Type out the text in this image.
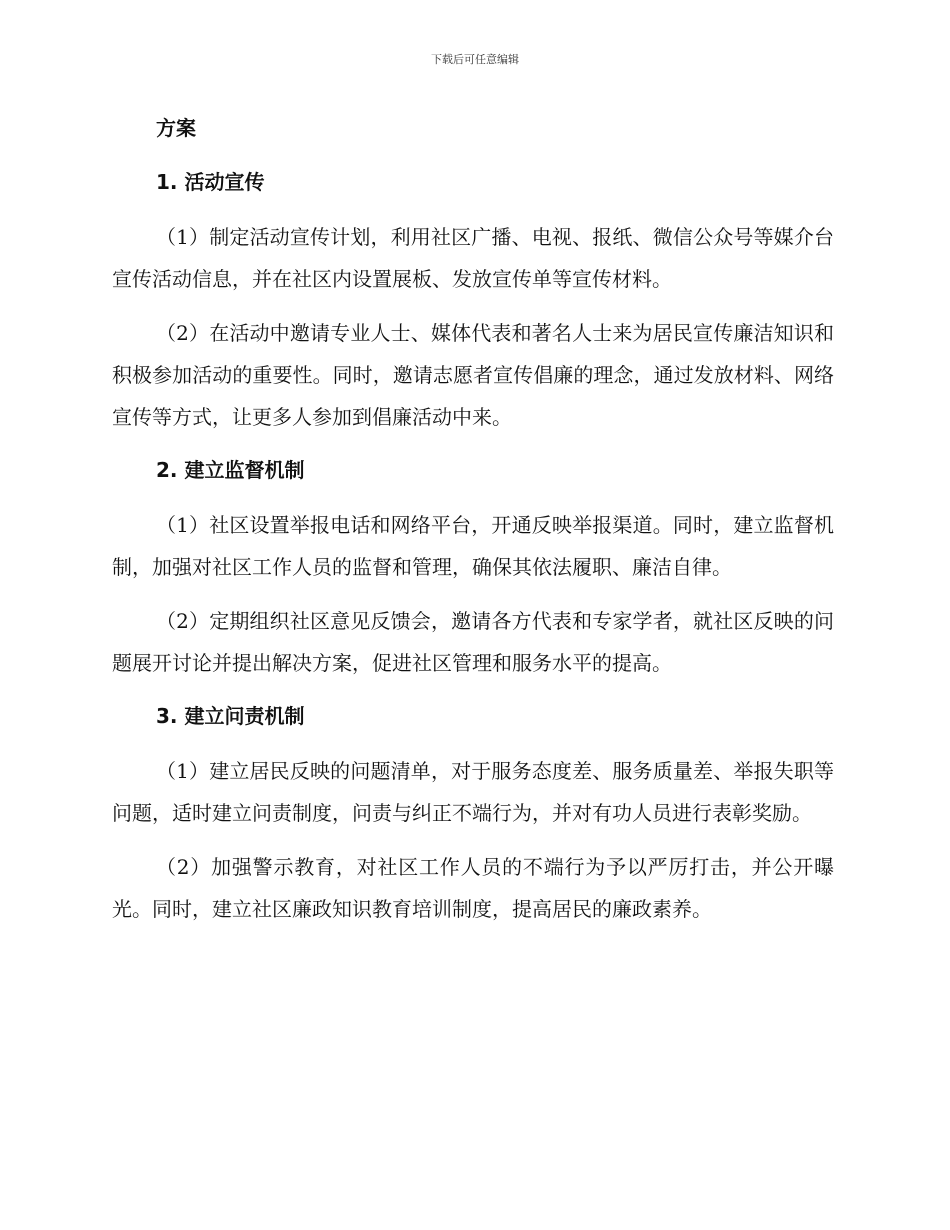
下载后可任意编辑
方案
1. 活动宣传

（1）制定活动宣传计划，利用社区广播、电视、报纸、微信公众号等媒介台宣传活动信息，并在社区内设置展板、发放宣传单等宣传材料。

（2）在活动中邀请专业人士、媒体代表和著名人士来为居民宣传廉洁知识和积极参加活动的重要性。同时，邀请志愿者宣传倡廉的理念，通过发放材料、网络宣传等方式，让更多人参加到倡廉活动中来。

2. 建立监督机制

（1）社区设置举报电话和网络平台，开通反映举报渠道。同时，建立监督机制，加强对社区工作人员的监督和管理，确保其依法履职、廉洁自律。

（2）定期组织社区意见反馈会，邀请各方代表和专家学者，就社区反映的问题展开讨论并提出解决方案，促进社区管理和服务水平的提高。

3. 建立问责机制

（1）建立居民反映的问题清单，对于服务态度差、服务质量差、举报失职等问题，适时建立问责制度，问责与纠正不端行为，并对有功人员进行表彰奖励。

（2）加强警示教育，对社区工作人员的不端行为予以严厉打击，并公开曝光。同时，建立社区廉政知识教育培训制度，提高居民的廉政素养。
